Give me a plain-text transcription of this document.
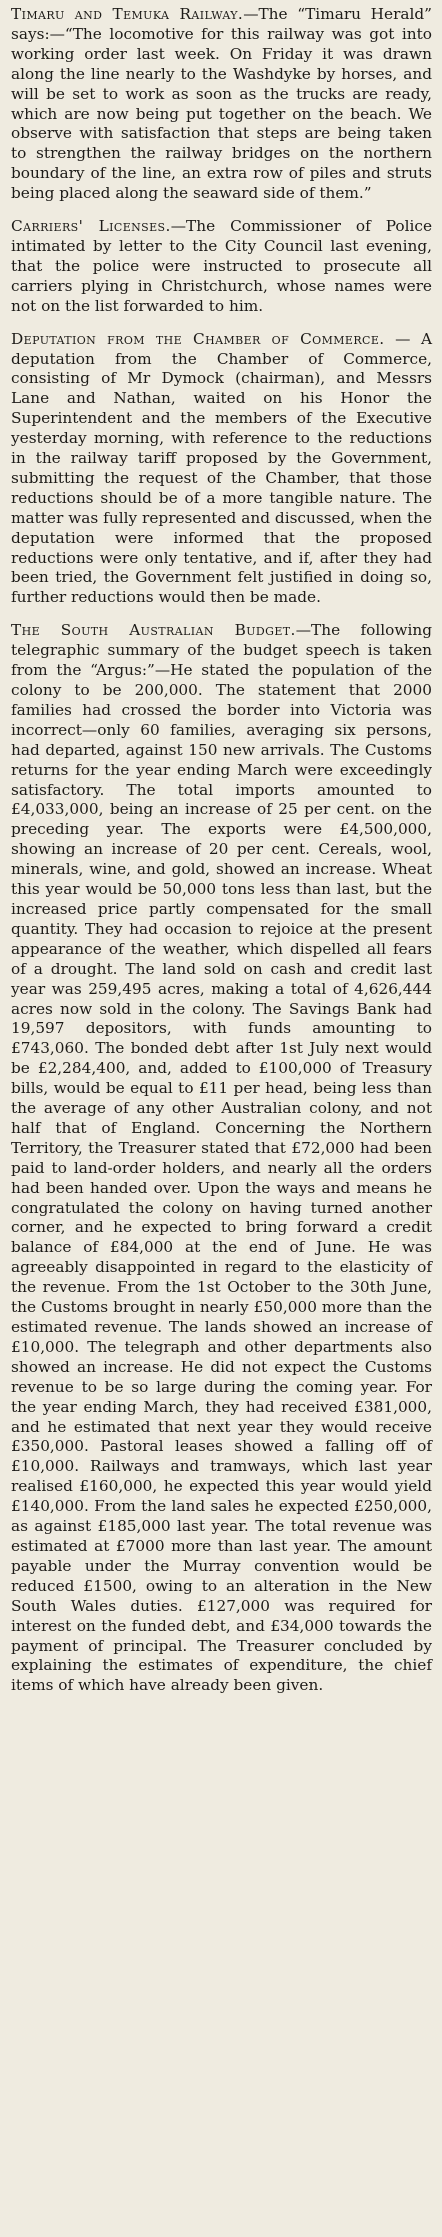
Timaru and Temuka Railway.—The “Timaru Herald” says:—“The locomotive for this railway was got into working order last week. On Friday it was drawn along the line nearly to the Washdyke by horses, and will be set to work as soon as the trucks are ready, which are now being put together on the beach. We observe with satisfaction that steps are being taken to strengthen the railway bridges on the northern boundary of the line, an extra row of piles and struts being placed along the seaward side of them.”

Carriers' Licenses.—The Commissioner of Police intimated by letter to the City Council last evening, that the police were instructed to prosecute all carriers plying in Christchurch, whose names were not on the list forwarded to him.

Deputation from the Chamber of Commerce. — A deputation from the Chamber of Commerce, consisting of Mr Dymock (chairman), and Messrs Lane and Nathan, waited on his Honor the Superintendent and the members of the Executive yesterday morning, with reference to the reductions in the railway tariff proposed by the Government, submitting the request of the Chamber, that those reductions should be of a more tangible nature. The matter was fully represented and discussed, when the deputation were informed that the proposed reductions were only tentative, and if, after they had been tried, the Government felt justified in doing so, further reductions would then be made.

The South Australian Budget.—The following telegraphic summary of the budget speech is taken from the “Argus:”—He stated the population of the colony to be 200,000. The statement that 2000 families had crossed the border into Victoria was incorrect—only 60 families, averaging six persons, had departed, against 150 new arrivals. The Customs returns for the year ending March were exceedingly satisfactory. The total imports amounted to £4,033,000, being an increase of 25 per cent. on the preceding year. The exports were £4,500,000, showing an increase of 20 per cent. Cereals, wool, minerals, wine, and gold, showed an increase. Wheat this year would be 50,000 tons less than last, but the increased price partly compensated for the small quantity. They had occasion to rejoice at the present appearance of the weather, which dispelled all fears of a drought. The land sold on cash and credit last year was 259,495 acres, making a total of 4,626,444 acres now sold in the colony. The Savings Bank had 19,597 depositors, with funds amounting to £743,060. The bonded debt after 1st July next would be £2,284,400, and, added to £100,000 of Treasury bills, would be equal to £11 per head, being less than the average of any other Australian colony, and not half that of England. Concerning the Northern Territory, the Treasurer stated that £72,000 had been paid to land-order holders, and nearly all the orders had been handed over. Upon the ways and means he congratulated the colony on having turned another corner, and he expected to bring forward a credit balance of £84,000 at the end of June. He was agreeably disappointed in regard to the elasticity of the revenue. From the 1st October to the 30th June, the Customs brought in nearly £50,000 more than the estimated revenue. The lands showed an increase of £10,000. The telegraph and other departments also showed an increase. He did not expect the Customs revenue to be so large during the coming year. For the year ending March, they had received £381,000, and he estimated that next year they would receive £350,000. Pastoral leases showed a falling off of £10,000. Railways and tramways, which last year realised £160,000, he expected this year would yield £140,000. From the land sales he expected £250,000, as against £185,000 last year. The total revenue was estimated at £7000 more than last year. The amount payable under the Murray convention would be reduced £1500, owing to an alteration in the New South Wales duties. £127,000 was required for interest on the funded debt, and £34,000 towards the payment of principal. The Treasurer concluded by explaining the estimates of expenditure, the chief items of which have already been given.
